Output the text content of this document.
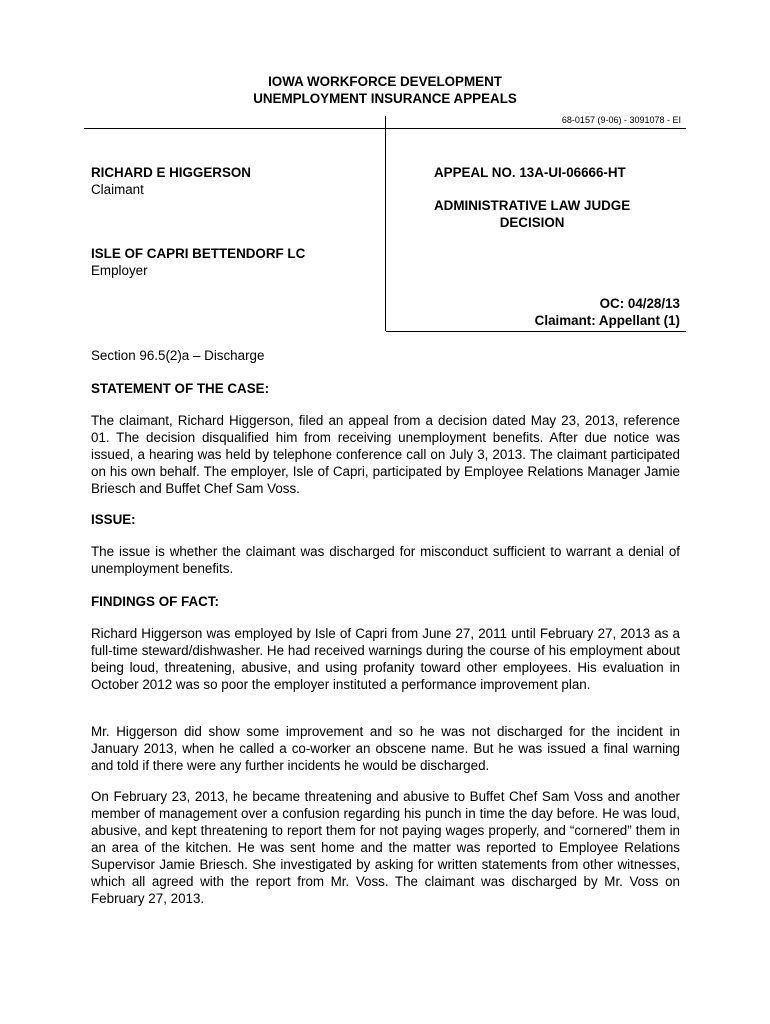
IOWA WORKFORCE DEVELOPMENT
UNEMPLOYMENT INSURANCE APPEALS
68-0157 (9-06) - 3091078 - EI
RICHARD E HIGGERSON
Claimant
ISLE OF CAPRI BETTENDORF LC
Employer
APPEAL NO. 13A-UI-06666-HT
ADMINISTRATIVE LAW JUDGE
DECISION
OC: 04/28/13
Claimant: Appellant (1)
Section 96.5(2)a – Discharge
STATEMENT OF THE CASE:
The claimant, Richard Higgerson, filed an appeal from a decision dated May 23, 2013, reference 01. The decision disqualified him from receiving unemployment benefits. After due notice was issued, a hearing was held by telephone conference call on July 3, 2013. The claimant participated on his own behalf. The employer, Isle of Capri, participated by Employee Relations Manager Jamie Briesch and Buffet Chef Sam Voss.
ISSUE:
The issue is whether the claimant was discharged for misconduct sufficient to warrant a denial of unemployment benefits.
FINDINGS OF FACT:
Richard Higgerson was employed by Isle of Capri from June 27, 2011 until February 27, 2013 as a full-time steward/dishwasher. He had received warnings during the course of his employment about being loud, threatening, abusive, and using profanity toward other employees. His evaluation in October 2012 was so poor the employer instituted a performance improvement plan.
Mr. Higgerson did show some improvement and so he was not discharged for the incident in January 2013, when he called a co-worker an obscene name. But he was issued a final warning and told if there were any further incidents he would be discharged.
On February 23, 2013, he became threatening and abusive to Buffet Chef Sam Voss and another member of management over a confusion regarding his punch in time the day before. He was loud, abusive, and kept threatening to report them for not paying wages properly, and “cornered” them in an area of the kitchen. He was sent home and the matter was reported to Employee Relations Supervisor Jamie Briesch. She investigated by asking for written statements from other witnesses, which all agreed with the report from Mr. Voss. The claimant was discharged by Mr. Voss on February 27, 2013.
